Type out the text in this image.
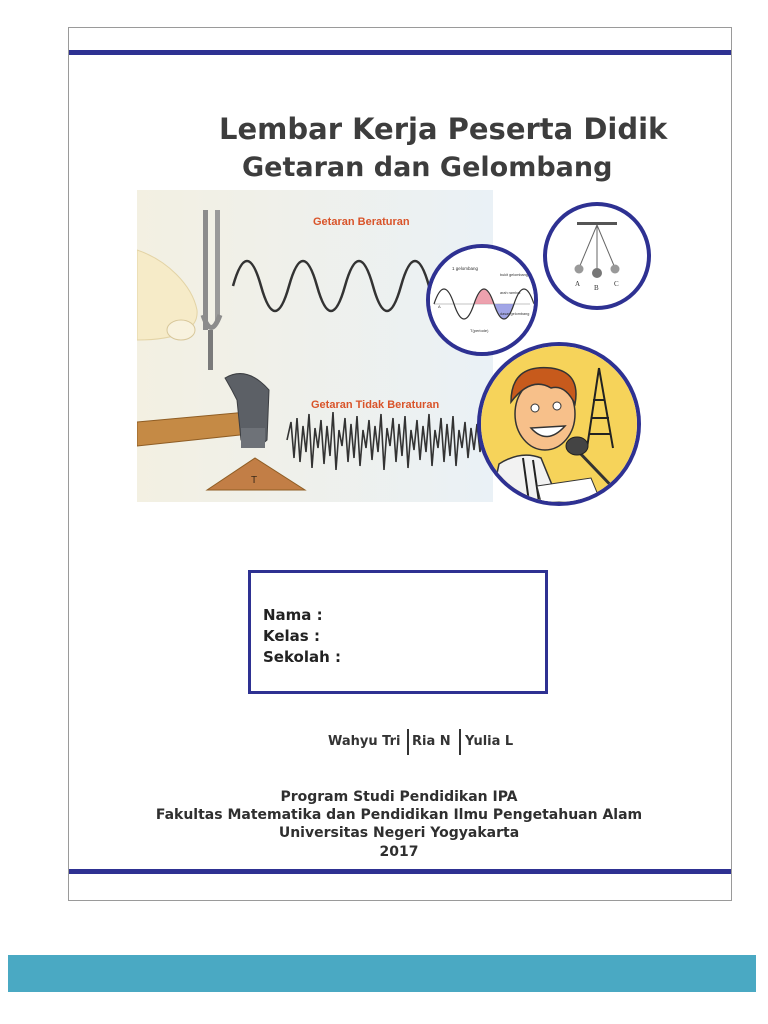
Lembar Kerja Peserta Didik
Getaran dan Gelombang
Getaran Beraturan
T
Getaran Tidak Beraturan
A B C
1 gelombang
bukit gelombang
arah rambat
dasar gelombang
T(periode)
A
Nama :
Kelas :
Sekolah :
Wahyu Tri Ria N Yulia L
Program Studi Pendidikan IPA
Fakultas Matematika dan Pendidikan Ilmu Pengetahuan Alam
Universitas Negeri Yogyakarta
2017
